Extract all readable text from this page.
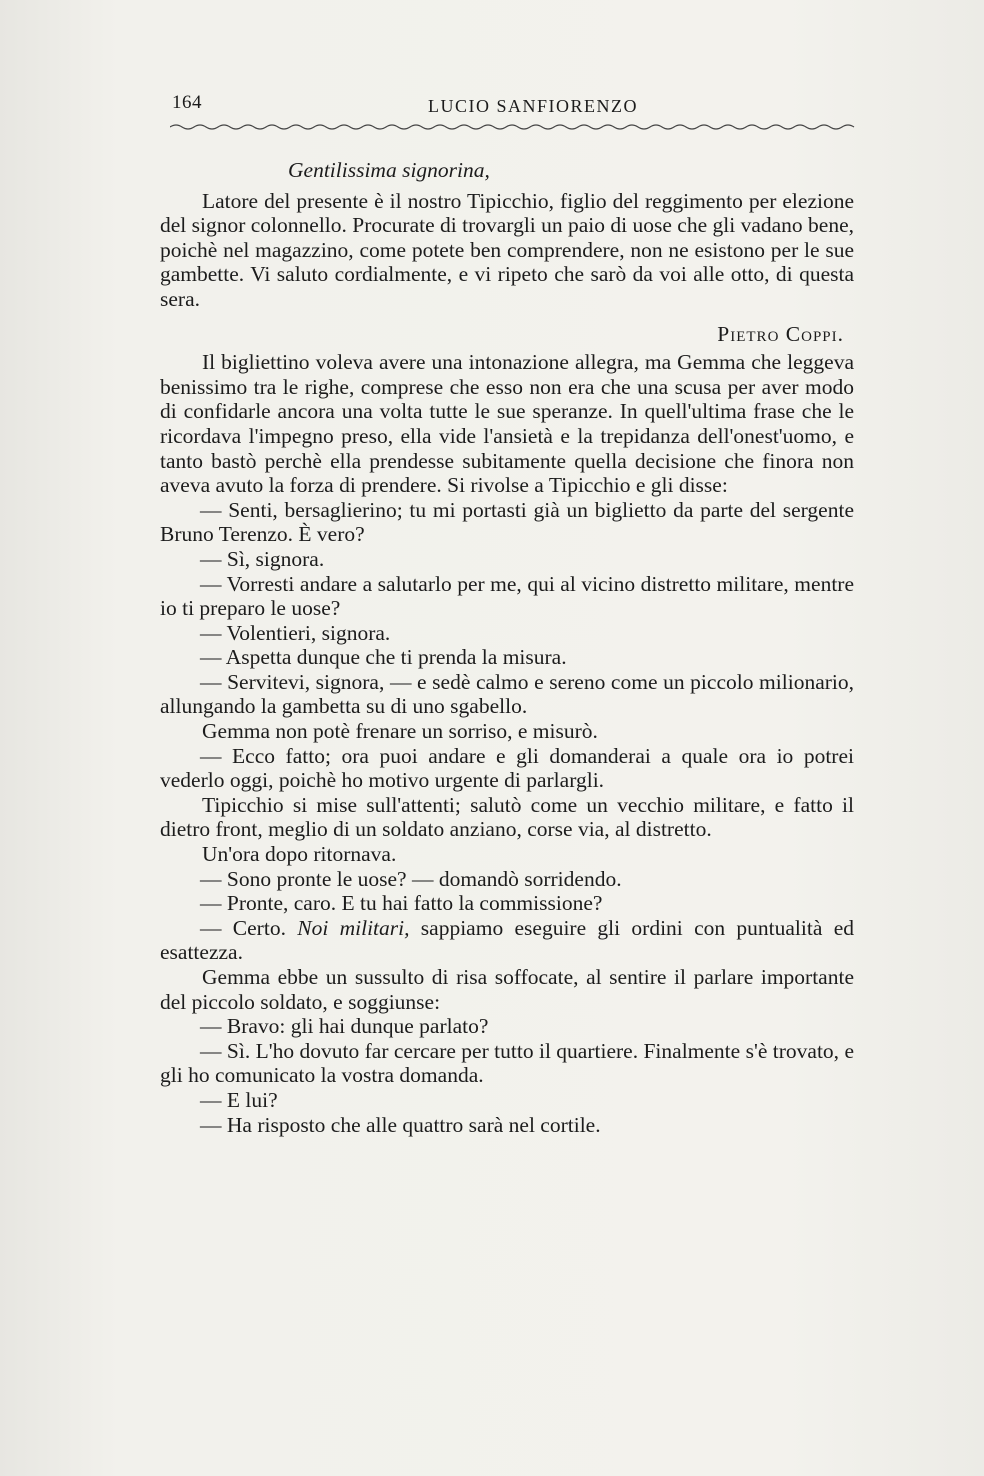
164	LUCIO SANFIORENZO

Gentilissima signorina,

Latore del presente è il nostro Tipicchio, figlio del reggimento per elezione del signor colonnello. Procurate di trovargli un paio di uose che gli vadano bene, poichè nel magazzino, come potete ben comprendere, non ne esistono per le sue gambette. Vi saluto cordialmente, e vi ripeto che sarò da voi alle otto, di questa sera.

Pietro Coppi.

Il bigliettino voleva avere una intonazione allegra, ma Gemma che leggeva benissimo tra le righe, comprese che esso non era che una scusa per aver modo di confidarle ancora una volta tutte le sue speranze. In quell'ultima frase che le ricordava l'impegno preso, ella vide l'ansietà e la trepidanza dell'onest'uomo, e tanto bastò perchè ella prendesse subitamente quella decisione che finora non aveva avuto la forza di prendere. Si rivolse a Tipicchio e gli disse:

— Senti, bersaglierino; tu mi portasti già un biglietto da parte del sergente Bruno Terenzo. È vero?

— Sì, signora.

— Vorresti andare a salutarlo per me, qui al vicino distretto militare, mentre io ti preparo le uose?

— Volentieri, signora.

— Aspetta dunque che ti prenda la misura.

— Servitevi, signora, — e sedè calmo e sereno come un piccolo milionario, allungando la gambetta su di uno sgabello.

Gemma non potè frenare un sorriso, e misurò.

— Ecco fatto; ora puoi andare e gli domanderai a quale ora io potrei vederlo oggi, poichè ho motivo urgente di parlargli.

Tipicchio si mise sull'attenti; salutò come un vecchio militare, e fatto il dietro front, meglio di un soldato anziano, corse via, al distretto.

Un'ora dopo ritornava.

— Sono pronte le uose? — domandò sorridendo.

— Pronte, caro. E tu hai fatto la commissione?

— Certo. Noi militari, sappiamo eseguire gli ordini con puntualità ed esattezza.

Gemma ebbe un sussulto di risa soffocate, al sentire il parlare importante del piccolo soldato, e soggiunse:

— Bravo: gli hai dunque parlato?

— Sì. L'ho dovuto far cercare per tutto il quartiere. Finalmente s'è trovato, e gli ho comunicato la vostra domanda.

— E lui?

— Ha risposto che alle quattro sarà nel cortile.
